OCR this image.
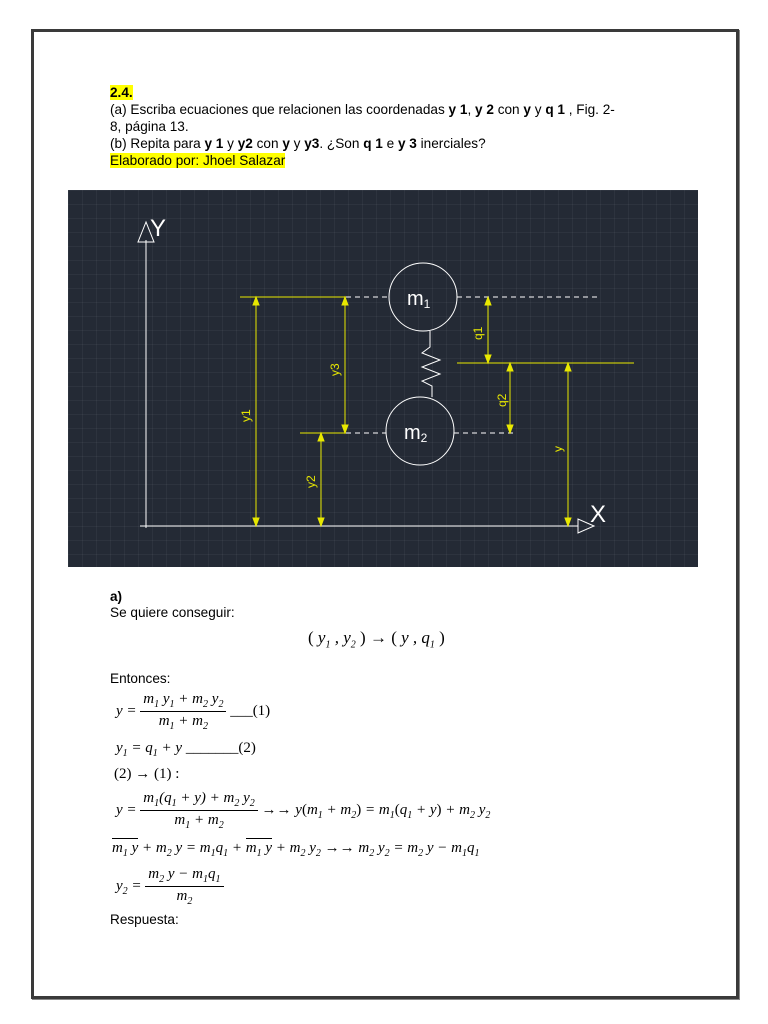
2.4.

(a) Escriba ecuaciones que relacionen las coordenadas y 1, y 2 con y y q 1 , Fig. 2-

8, página 13.

(b) Repita para y 1 y y2 con y y y3. ¿Son q 1 e y 3 inerciales?

Elaborado por: Jhoel Salazar

Y
X
m1
m2
y1
y3
y2
q1
q2
y
a)
Se quiere conseguir:
( $y_1$ , $y_2$ ) → ( y , $q_1$ )
Entonces:
$y = \frac{m_1 y_1 + m_2 y_2}{m_1 + m_2}$ ___(1)
$y_1 = q_1 + y$ _______(2)
(2) → (1) :
$y = \frac{m_1(q_1 + y) + m_2 y_2}{m_1 + m_2} \to\to y(m_1 + m_2) = m_1(q_1 + y) + m_2$ $y_2$
$m_1$ $y + m_2$ $y = m_1q_1 + m_1$ $y + m_2$ $y_2 \to\to m_2$ $y_2 = m_2$ $y - m_1q_1$
$y_2 = \frac{m_2 y - m_1q_1}{m_2}$
Respuesta:
